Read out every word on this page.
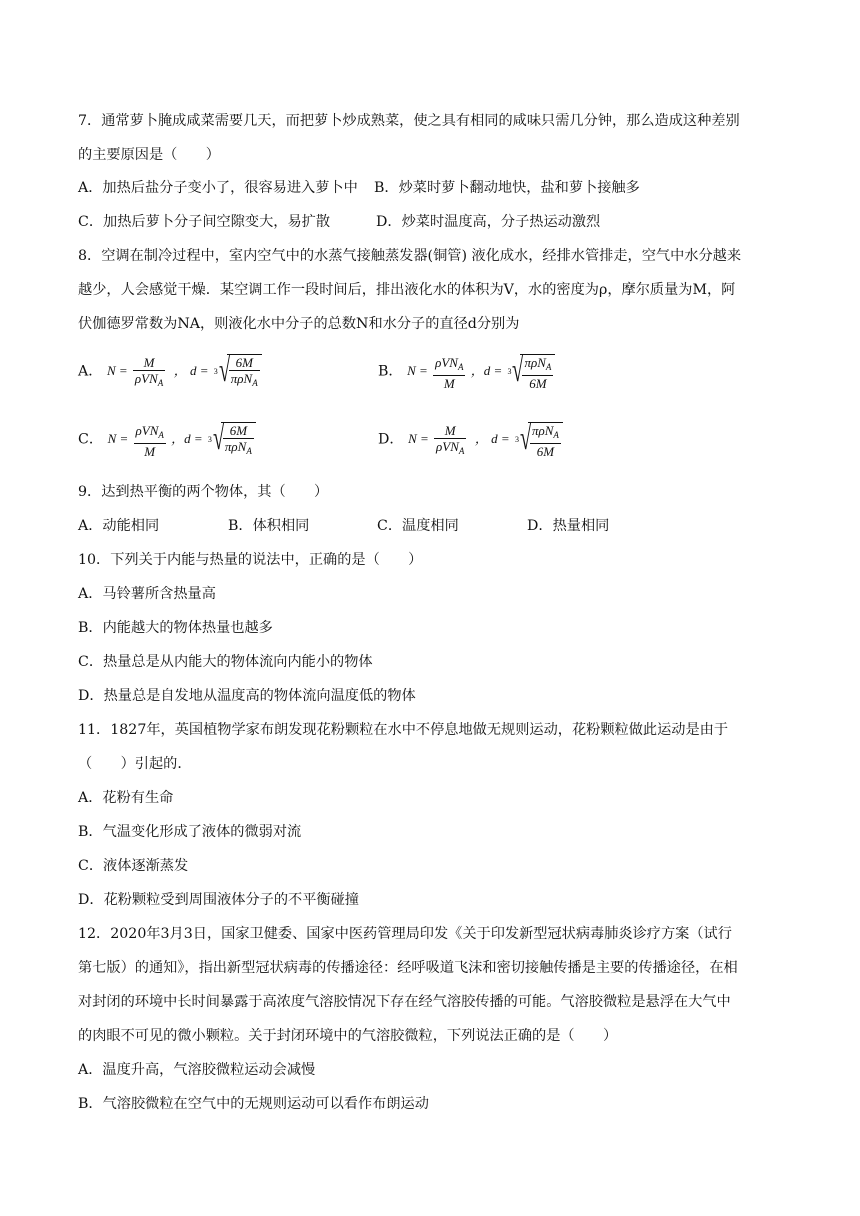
7．通常萝卜腌成咸菜需要几天，而把萝卜炒成熟菜，使之具有相同的咸味只需几分钟，那么造成这种差别
的主要原因是（　　）
A．加热后盐分子变小了，很容易进入萝卜中 B．炒菜时萝卜翻动地快，盐和萝卜接触多
C．加热后萝卜分子间空隙变大，易扩散	D．炒菜时温度高，分子热运动激烈
8．空调在制冷过程中，室内空气中的水蒸气接触蒸发器(铜管) 液化成水，经排水管排走，空气中水分越来
越少，人会感觉干燥．某空调工作一段时间后，排出液化水的体积为V，水的密度为ρ，摩尔质量为M，阿
伏伽德罗常数为NA，则液化水中分子的总数N和水分子的直径d分别为
A． $N = \frac{M}{\rho VN_A}$ ， d = 3 √
$\frac{6M}{\pi\rho N_A}$	B． $N = \frac{\rho VN_A}{M}$ ，d = 3 √
$\frac{\pi\rho N_A}{6M}$
C． $N = \frac{\rho VN_A}{M}$ ，d = 3 √
$\frac{6M}{\pi\rho N_A}$	D． $N = \frac{M}{\rho VN_A}$ ， d = 3 √
$\frac{\pi\rho N_A}{6M}$
9．达到热平衡的两个物体，其（　　）
A．动能相同	B．体积相同	C．温度相同	D．热量相同
10．下列关于内能与热量的说法中，正确的是（　　）
A．马铃薯所含热量高
B．内能越大的物体热量也越多
C．热量总是从内能大的物体流向内能小的物体
D．热量总是自发地从温度高的物体流向温度低的物体
11．1827年，英国植物学家布朗发现花粉颗粒在水中不停息地做无规则运动，花粉颗粒做此运动是由于
（　　）引起的．
A．花粉有生命
B．气温变化形成了液体的微弱对流
C．液体逐渐蒸发
D．花粉颗粒受到周围液体分子的不平衡碰撞
12．2020年3月3日，国家卫健委、国家中医药管理局印发《关于印发新型冠状病毒肺炎诊疗方案（试行
第七版）的通知》，指出新型冠状病毒的传播途径：经呼吸道飞沫和密切接触传播是主要的传播途径，在相
对封闭的环境中长时间暴露于高浓度气溶胶情况下存在经气溶胶传播的可能。气溶胶微粒是悬浮在大气中
的肉眼不可见的微小颗粒。关于封闭环境中的气溶胶微粒，下列说法正确的是（　　）
A．温度升高，气溶胶微粒运动会减慢
B．气溶胶微粒在空气中的无规则运动可以看作布朗运动
